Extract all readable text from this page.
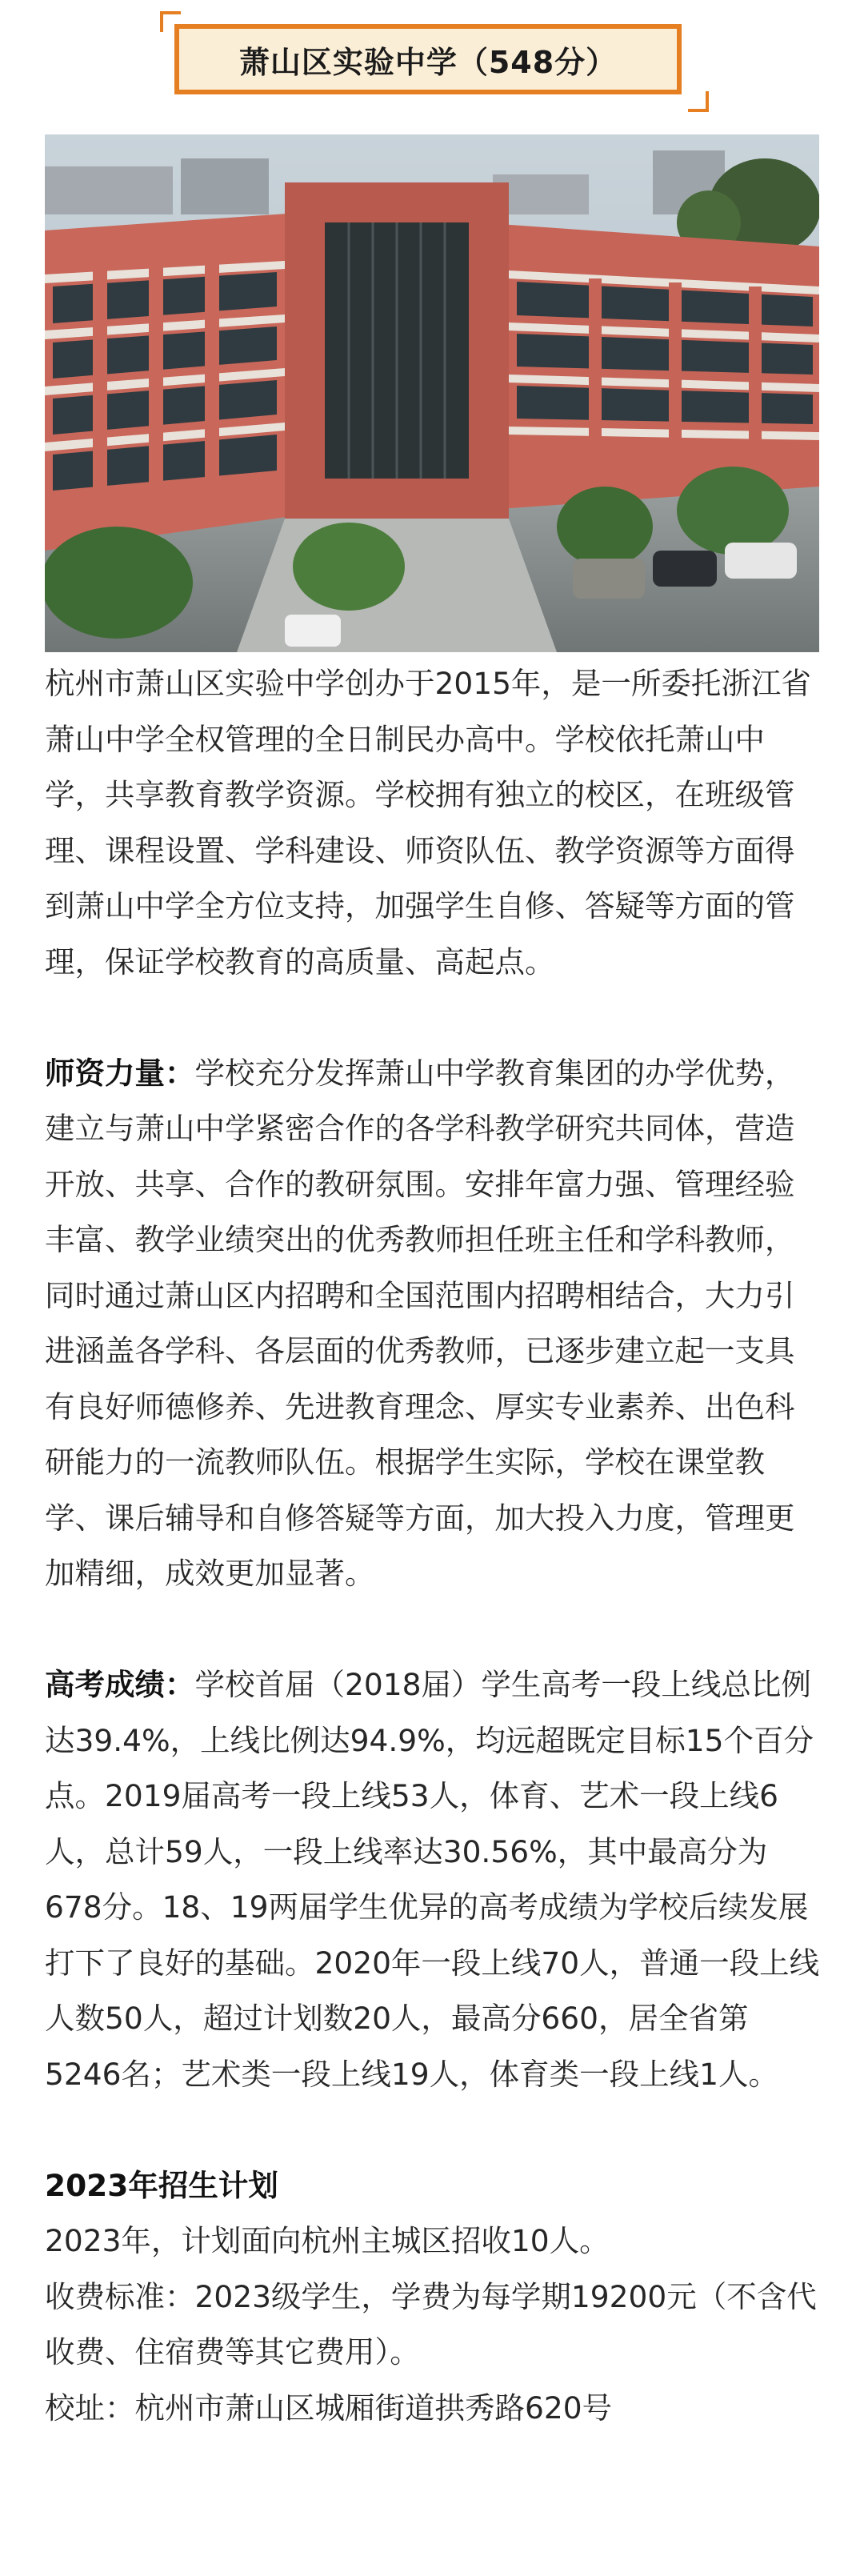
萧山区实验中学（548分）

杭州市萧山区实验中学创办于2015年，是一所委托浙江省萧山中学全权管理的全日制民办高中。学校依托萧山中学，共享教育教学资源。学校拥有独立的校区，在班级管理、课程设置、学科建设、师资队伍、教学资源等方面得到萧山中学全方位支持，加强学生自修、答疑等方面的管理，保证学校教育的高质量、高起点。

师资力量：学校充分发挥萧山中学教育集团的办学优势，建立与萧山中学紧密合作的各学科教学研究共同体，营造开放、共享、合作的教研氛围。安排年富力强、管理经验丰富、教学业绩突出的优秀教师担任班主任和学科教师，同时通过萧山区内招聘和全国范围内招聘相结合，大力引进涵盖各学科、各层面的优秀教师，已逐步建立起一支具有良好师德修养、先进教育理念、厚实专业素养、出色科研能力的一流教师队伍。根据学生实际，学校在课堂教学、课后辅导和自修答疑等方面，加大投入力度，管理更加精细，成效更加显著。

高考成绩：学校首届（2018届）学生高考一段上线总比例达39.4%，上线比例达94.9%，均远超既定目标15个百分点。2019届高考一段上线53人，体育、艺术一段上线6人，总计59人，一段上线率达30.56%，其中最高分为678分。18、19两届学生优异的高考成绩为学校后续发展打下了良好的基础。2020年一段上线70人，普通一段上线人数50人，超过计划数20人，最高分660，居全省第5246名；艺术类一段上线19人，体育类一段上线1人。

2023年招生计划

2023年，计划面向杭州主城区招收10人。

收费标准：2023级学生，学费为每学期19200元（不含代收费、住宿费等其它费用）。

校址：杭州市萧山区城厢街道拱秀路620号
